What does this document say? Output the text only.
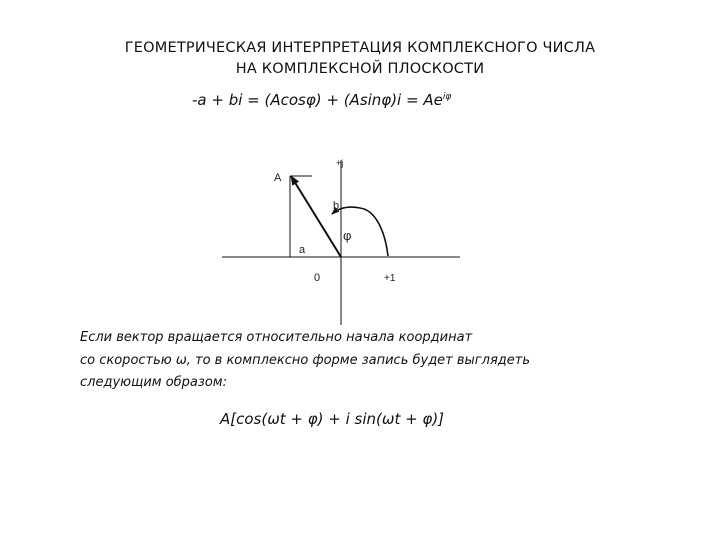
ГЕОМЕТРИЧЕСКАЯ ИНТЕРПРЕТАЦИЯ КОМПЛЕКСНОГО ЧИСЛА
НА КОМПЛЕКСНОЙ ПЛОСКОСТИ
-a + bi = $(Acos\varphi) + (Asin\varphi)i = Ae^{i\varphi}$
+j
A
b
φ
a
0	+1
Если вектор вращается относительно начала координат
со скоростью ω, то в комплексно форме запись будет выглядеть
следующим образом:
A[cos(ωt + φ) + i sin(ωt + φ)]
